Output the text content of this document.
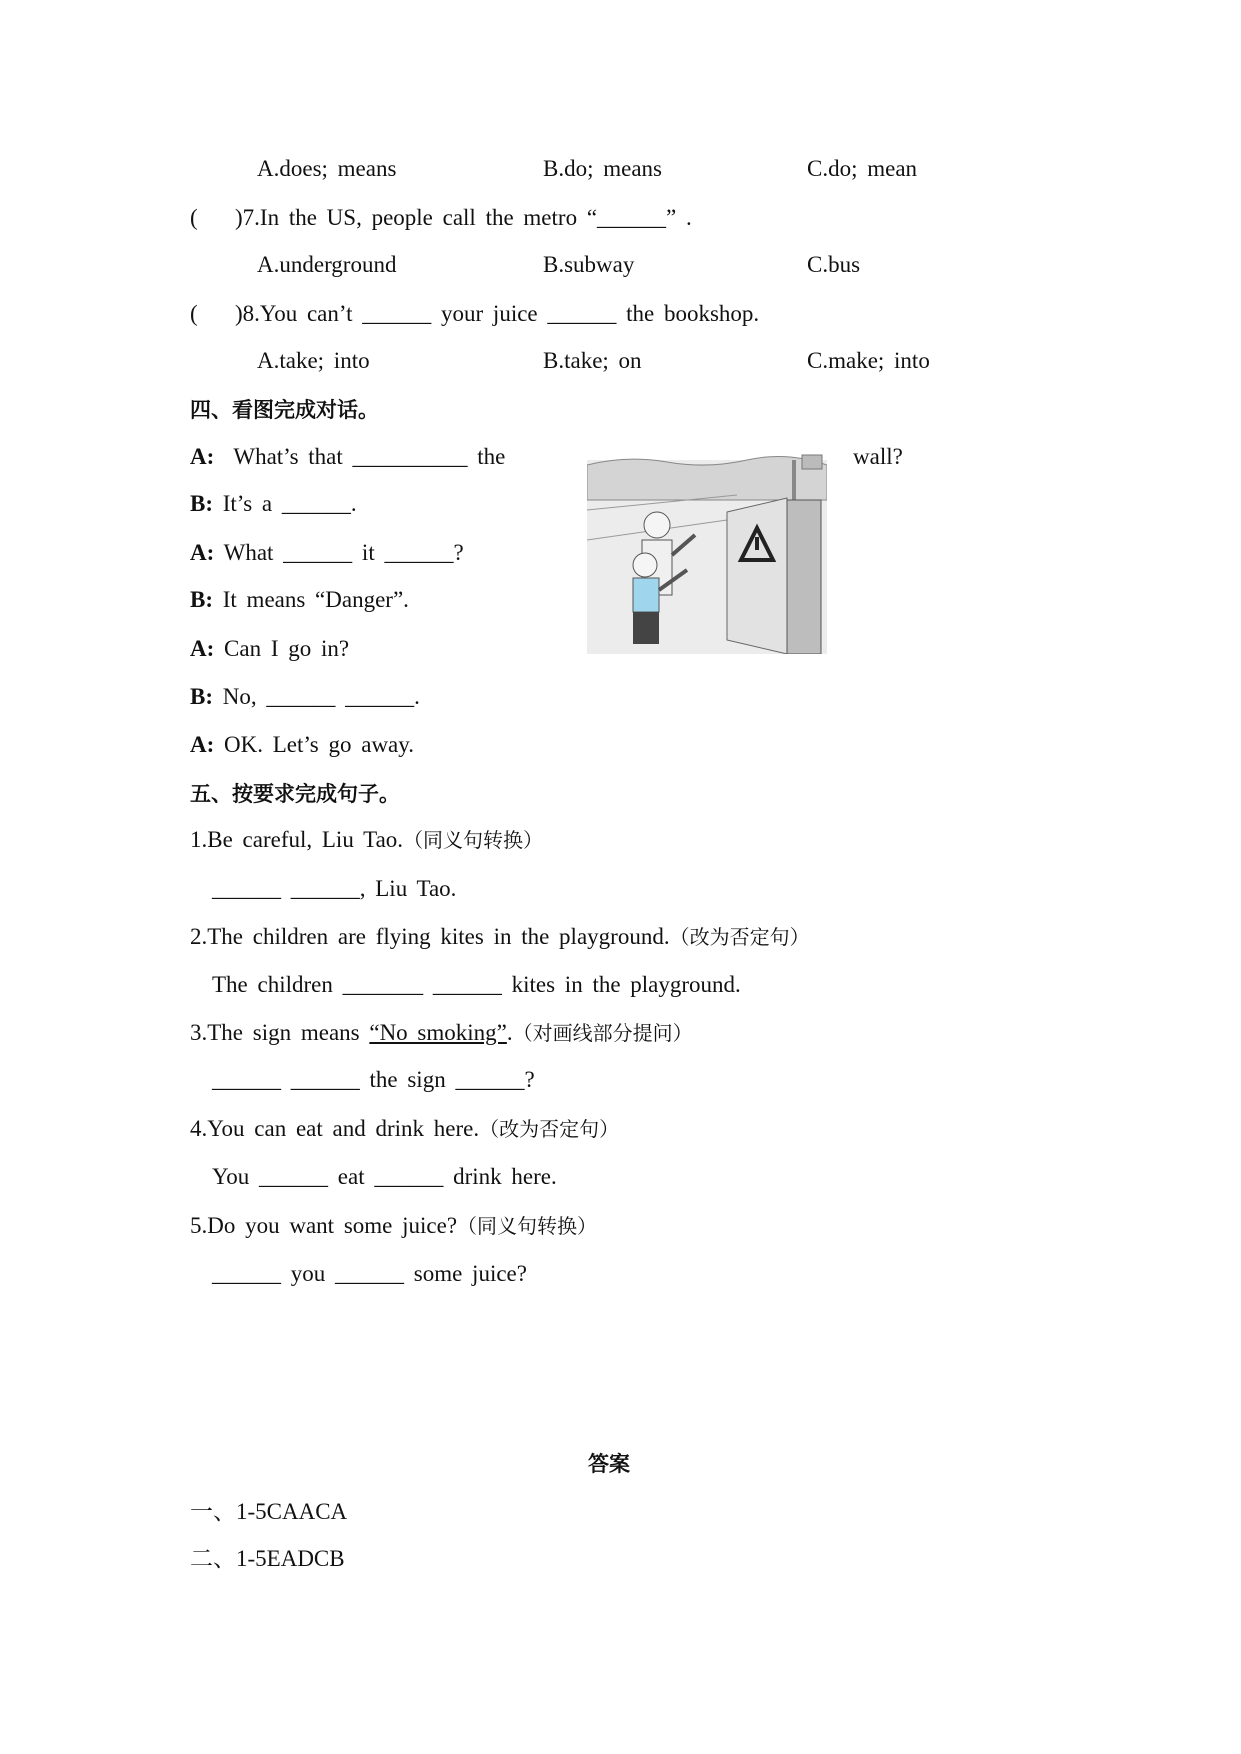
A.does; means	B.do; means	C.do; mean
( )7.In the US, people call the metro “______” .
A.underground	B.subway	C.bus
( )8.You can’t ______ your juice ______ the bookshop.
A.take; into	B.take; on	C.make; into
四、看图完成对话。
A: What’s that __________ the	wall?
B: It’s a ______.
A: What ______ it ______?
B: It means “Danger”.
A: Can I go in?
B: No, ______ ______.
A: OK. Let’s go away.
五、按要求完成句子。
1.Be careful, Liu Tao.（同义句转换）
______ ______, Liu Tao.
2.The children are flying kites in the playground.（改为否定句）
The children _______ ______ kites in the playground.
3.The sign means “No smoking”.（对画线部分提问）
______ ______ the sign ______?
4.You can eat and drink here.（改为否定句）
You ______ eat ______ drink here.
5.Do you want some juice?（同义句转换）
______ you ______ some juice?
答案
一、1-5CAACA
二、1-5EADCB
